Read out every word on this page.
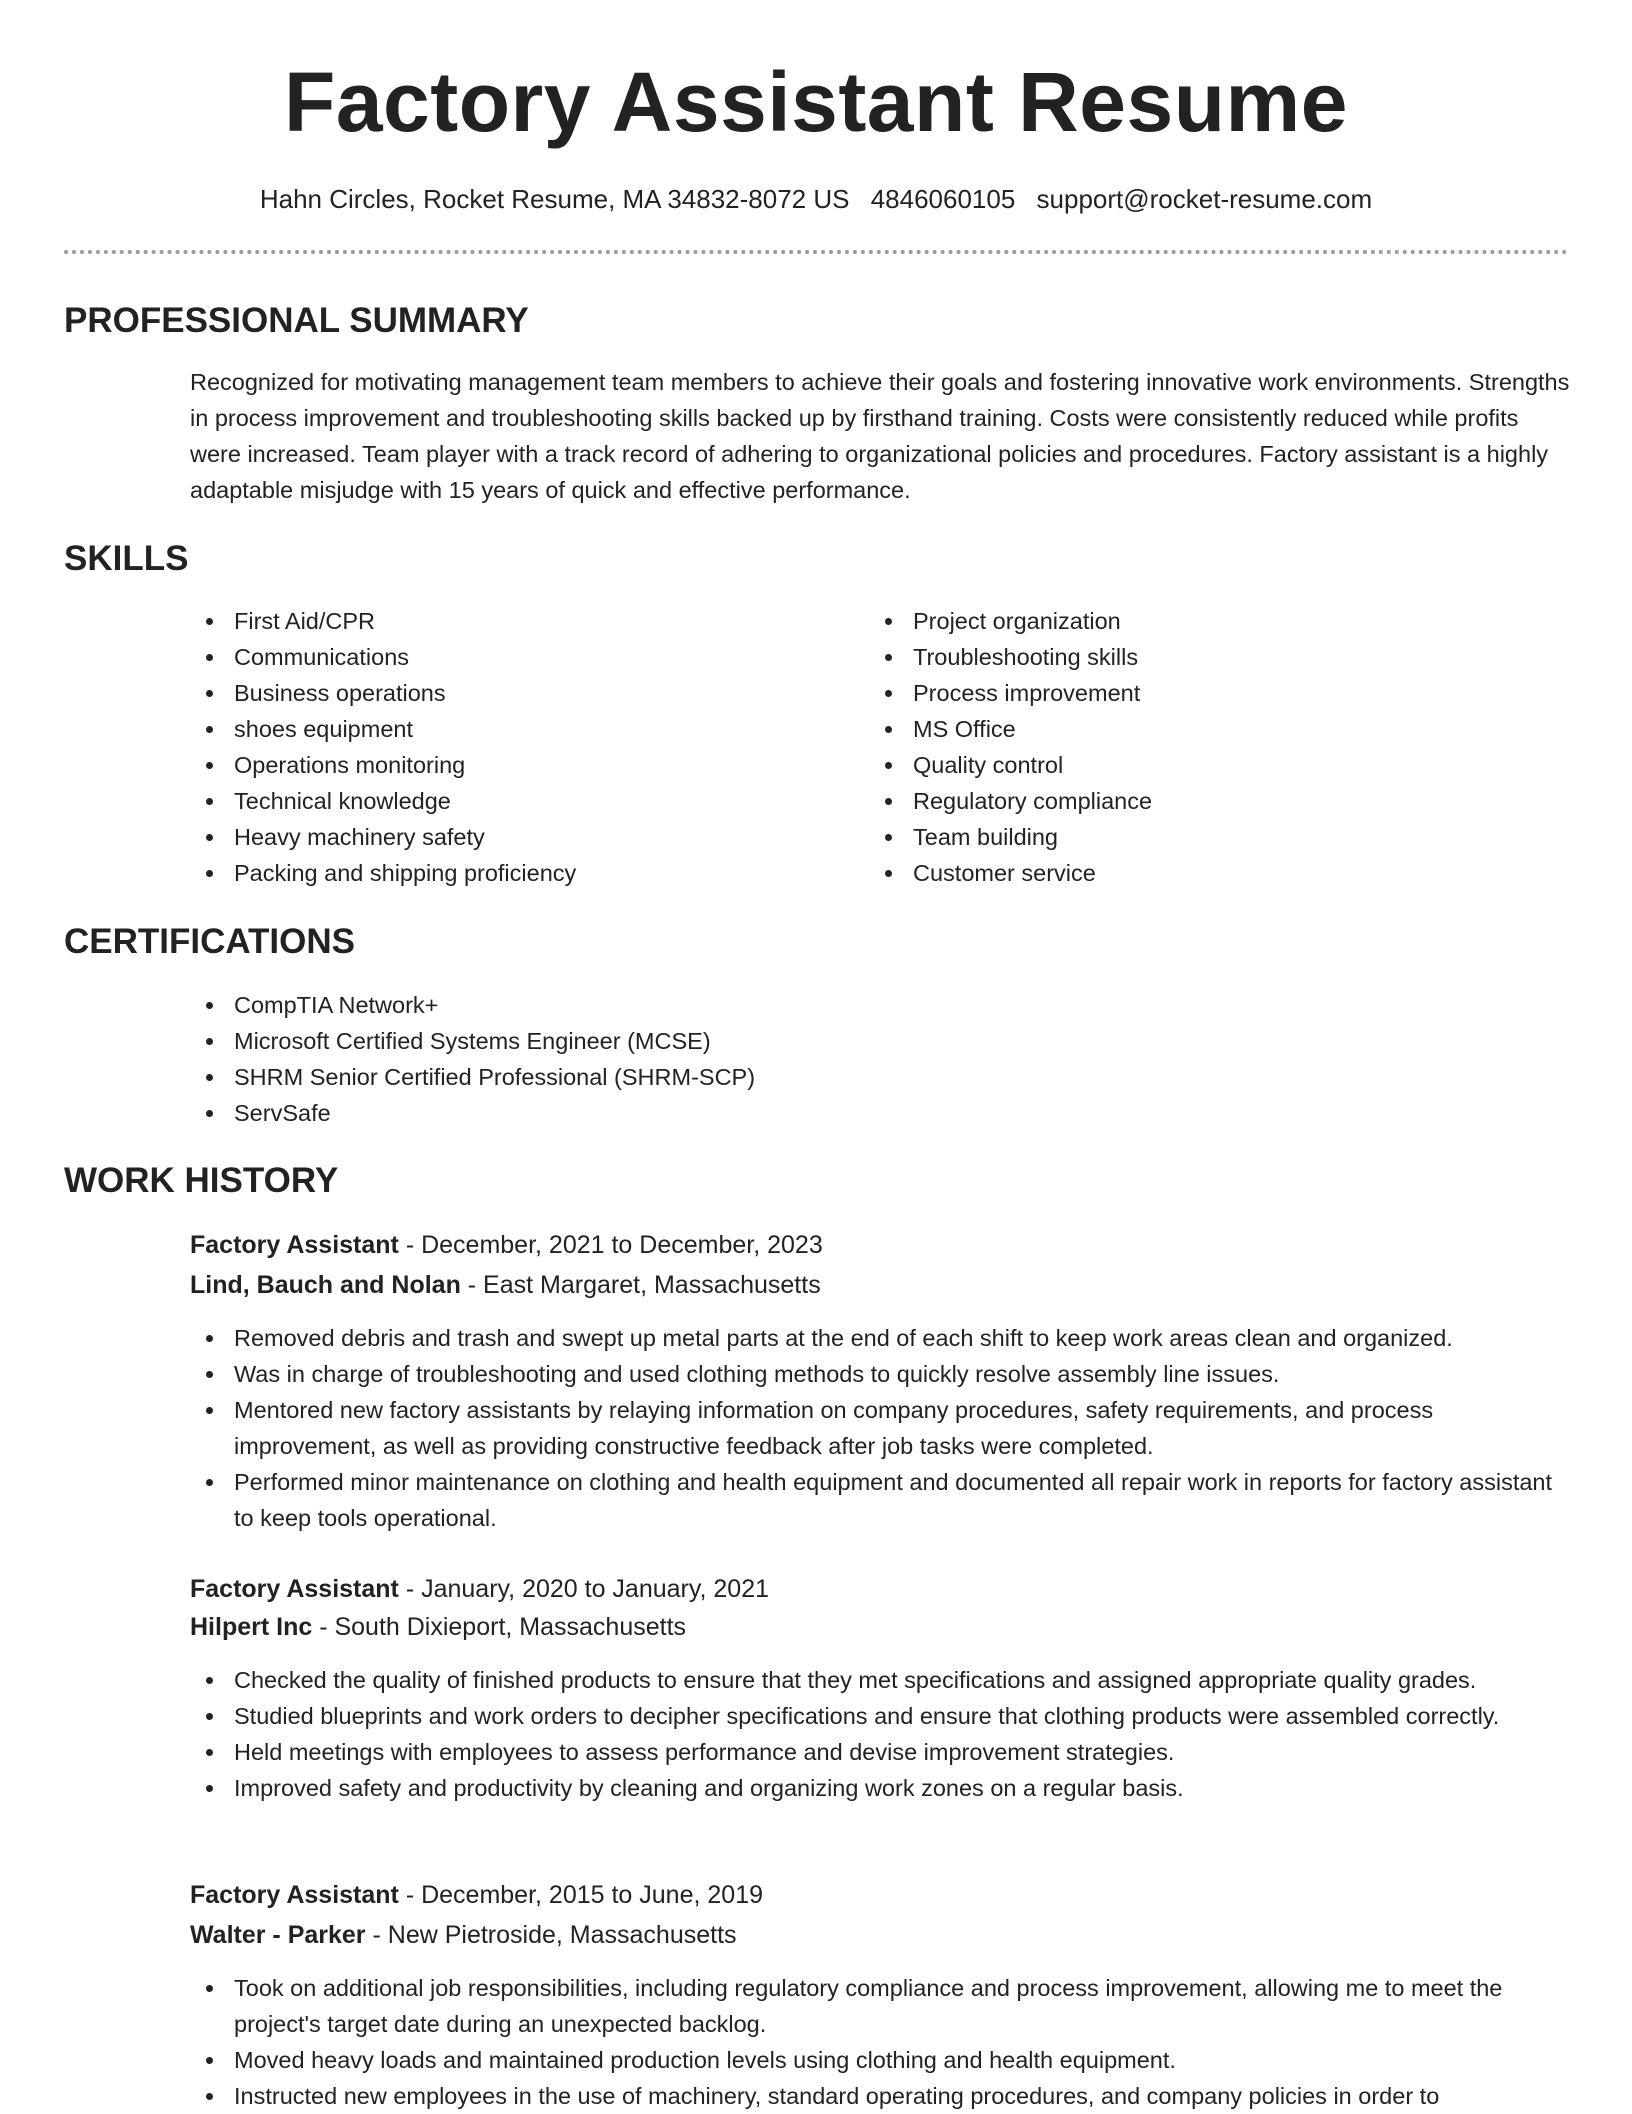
Factory Assistant Resume
Hahn Circles, Rocket Resume, MA 34832-8072 US 4846060105 support@rocket-resume.com
PROFESSIONAL SUMMARY

Recognized for motivating management team members to achieve their goals and fostering innovative work environments. Strengths in process improvement and troubleshooting skills backed up by firsthand training. Costs were consistently reduced while profits were increased. Team player with a track record of adhering to organizational policies and procedures. Factory assistant is a highly adaptable misjudge with 15 years of quick and effective performance.

SKILLS
First Aid/CPR
Communications
Business operations
shoes equipment
Operations monitoring
Technical knowledge
Heavy machinery safety
Packing and shipping proficiency
Project organization
Troubleshooting skills
Process improvement
MS Office
Quality control
Regulatory compliance
Team building
Customer service
CERTIFICATIONS
CompTIA Network+
Microsoft Certified Systems Engineer (MCSE)
SHRM Senior Certified Professional (SHRM-SCP)
ServSafe
WORK HISTORY
Factory Assistant - December, 2021 to December, 2023
Lind, Bauch and Nolan - East Margaret, Massachusetts
Removed debris and trash and swept up metal parts at the end of each shift to keep work areas clean and organized.
Was in charge of troubleshooting and used clothing methods to quickly resolve assembly line issues.
Mentored new factory assistants by relaying information on company procedures, safety requirements, and process improvement, as well as providing constructive feedback after job tasks were completed.
Performed minor maintenance on clothing and health equipment and documented all repair work in reports for factory assistant to keep tools operational.
Factory Assistant - January, 2020 to January, 2021
Hilpert Inc - South Dixieport, Massachusetts
Checked the quality of finished products to ensure that they met specifications and assigned appropriate quality grades.
Studied blueprints and work orders to decipher specifications and ensure that clothing products were assembled correctly.
Held meetings with employees to assess performance and devise improvement strategies.
Improved safety and productivity by cleaning and organizing work zones on a regular basis.
Factory Assistant - December, 2015 to June, 2019
Walter - Parker - New Pietroside, Massachusetts
Took on additional job responsibilities, including regulatory compliance and process improvement, allowing me to meet the project's target date during an unexpected backlog.
Moved heavy loads and maintained production levels using clothing and health equipment.
Instructed new employees in the use of machinery, standard operating procedures, and company policies in order to
